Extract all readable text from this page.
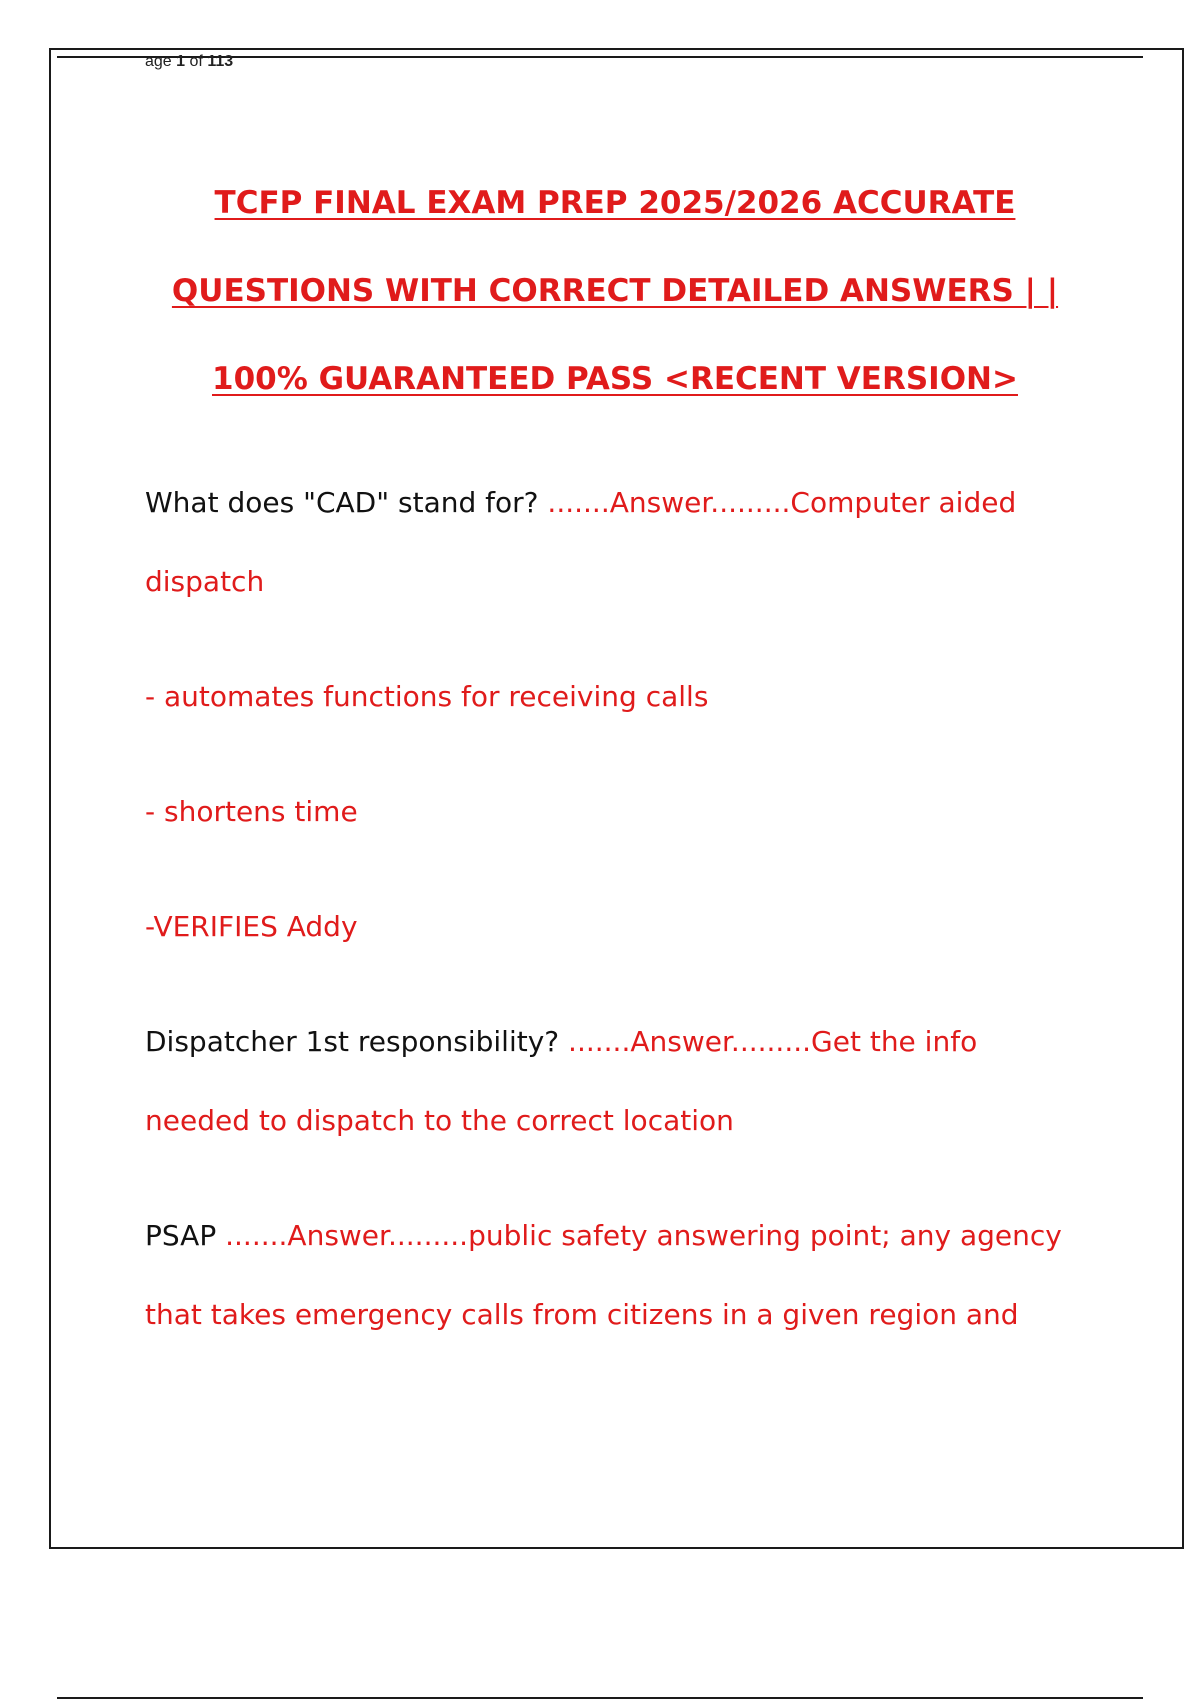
age 1 of 113
TCFP FINAL EXAM PREP 2025/2026 ACCURATE
QUESTIONS WITH CORRECT DETAILED ANSWERS | |
100% GUARANTEED PASS <RECENT VERSION>
What does "CAD" stand for? .......Answer.........Computer aided
dispatch
- automates functions for receiving calls
- shortens time
-VERIFIES Addy
Dispatcher 1st responsibility? .......Answer.........Get the info
needed to dispatch to the correct location
PSAP .......Answer.........public safety answering point; any agency
that takes emergency calls from citizens in a given region and
